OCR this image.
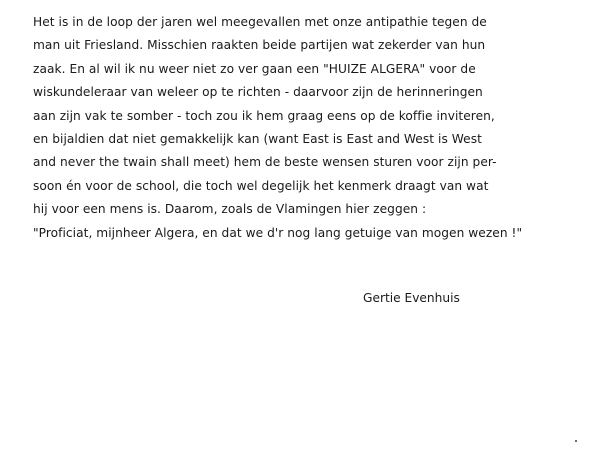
Het is in de loop der jaren wel meegevallen met onze antipathie tegen de
man uit Friesland. Misschien raakten beide partijen wat zekerder van hun
zaak. En al wil ik nu weer niet zo ver gaan een "HUIZE ALGERA" voor de
wiskundeleraar van weleer op te richten - daarvoor zijn de herinneringen
aan zijn vak te somber - toch zou ik hem graag eens op de koffie inviteren,
en bijaldien dat niet gemakkelijk kan (want East is East and West is West
and never the twain shall meet) hem de beste wensen sturen voor zijn per-
soon én voor de school, die toch wel degelijk het kenmerk draagt van wat
hij voor een mens is. Daarom, zoals de Vlamingen hier zeggen :
"Proficiat, mijnheer Algera, en dat we d'r nog lang getuige van mogen wezen !"
Gertie Evenhuis
